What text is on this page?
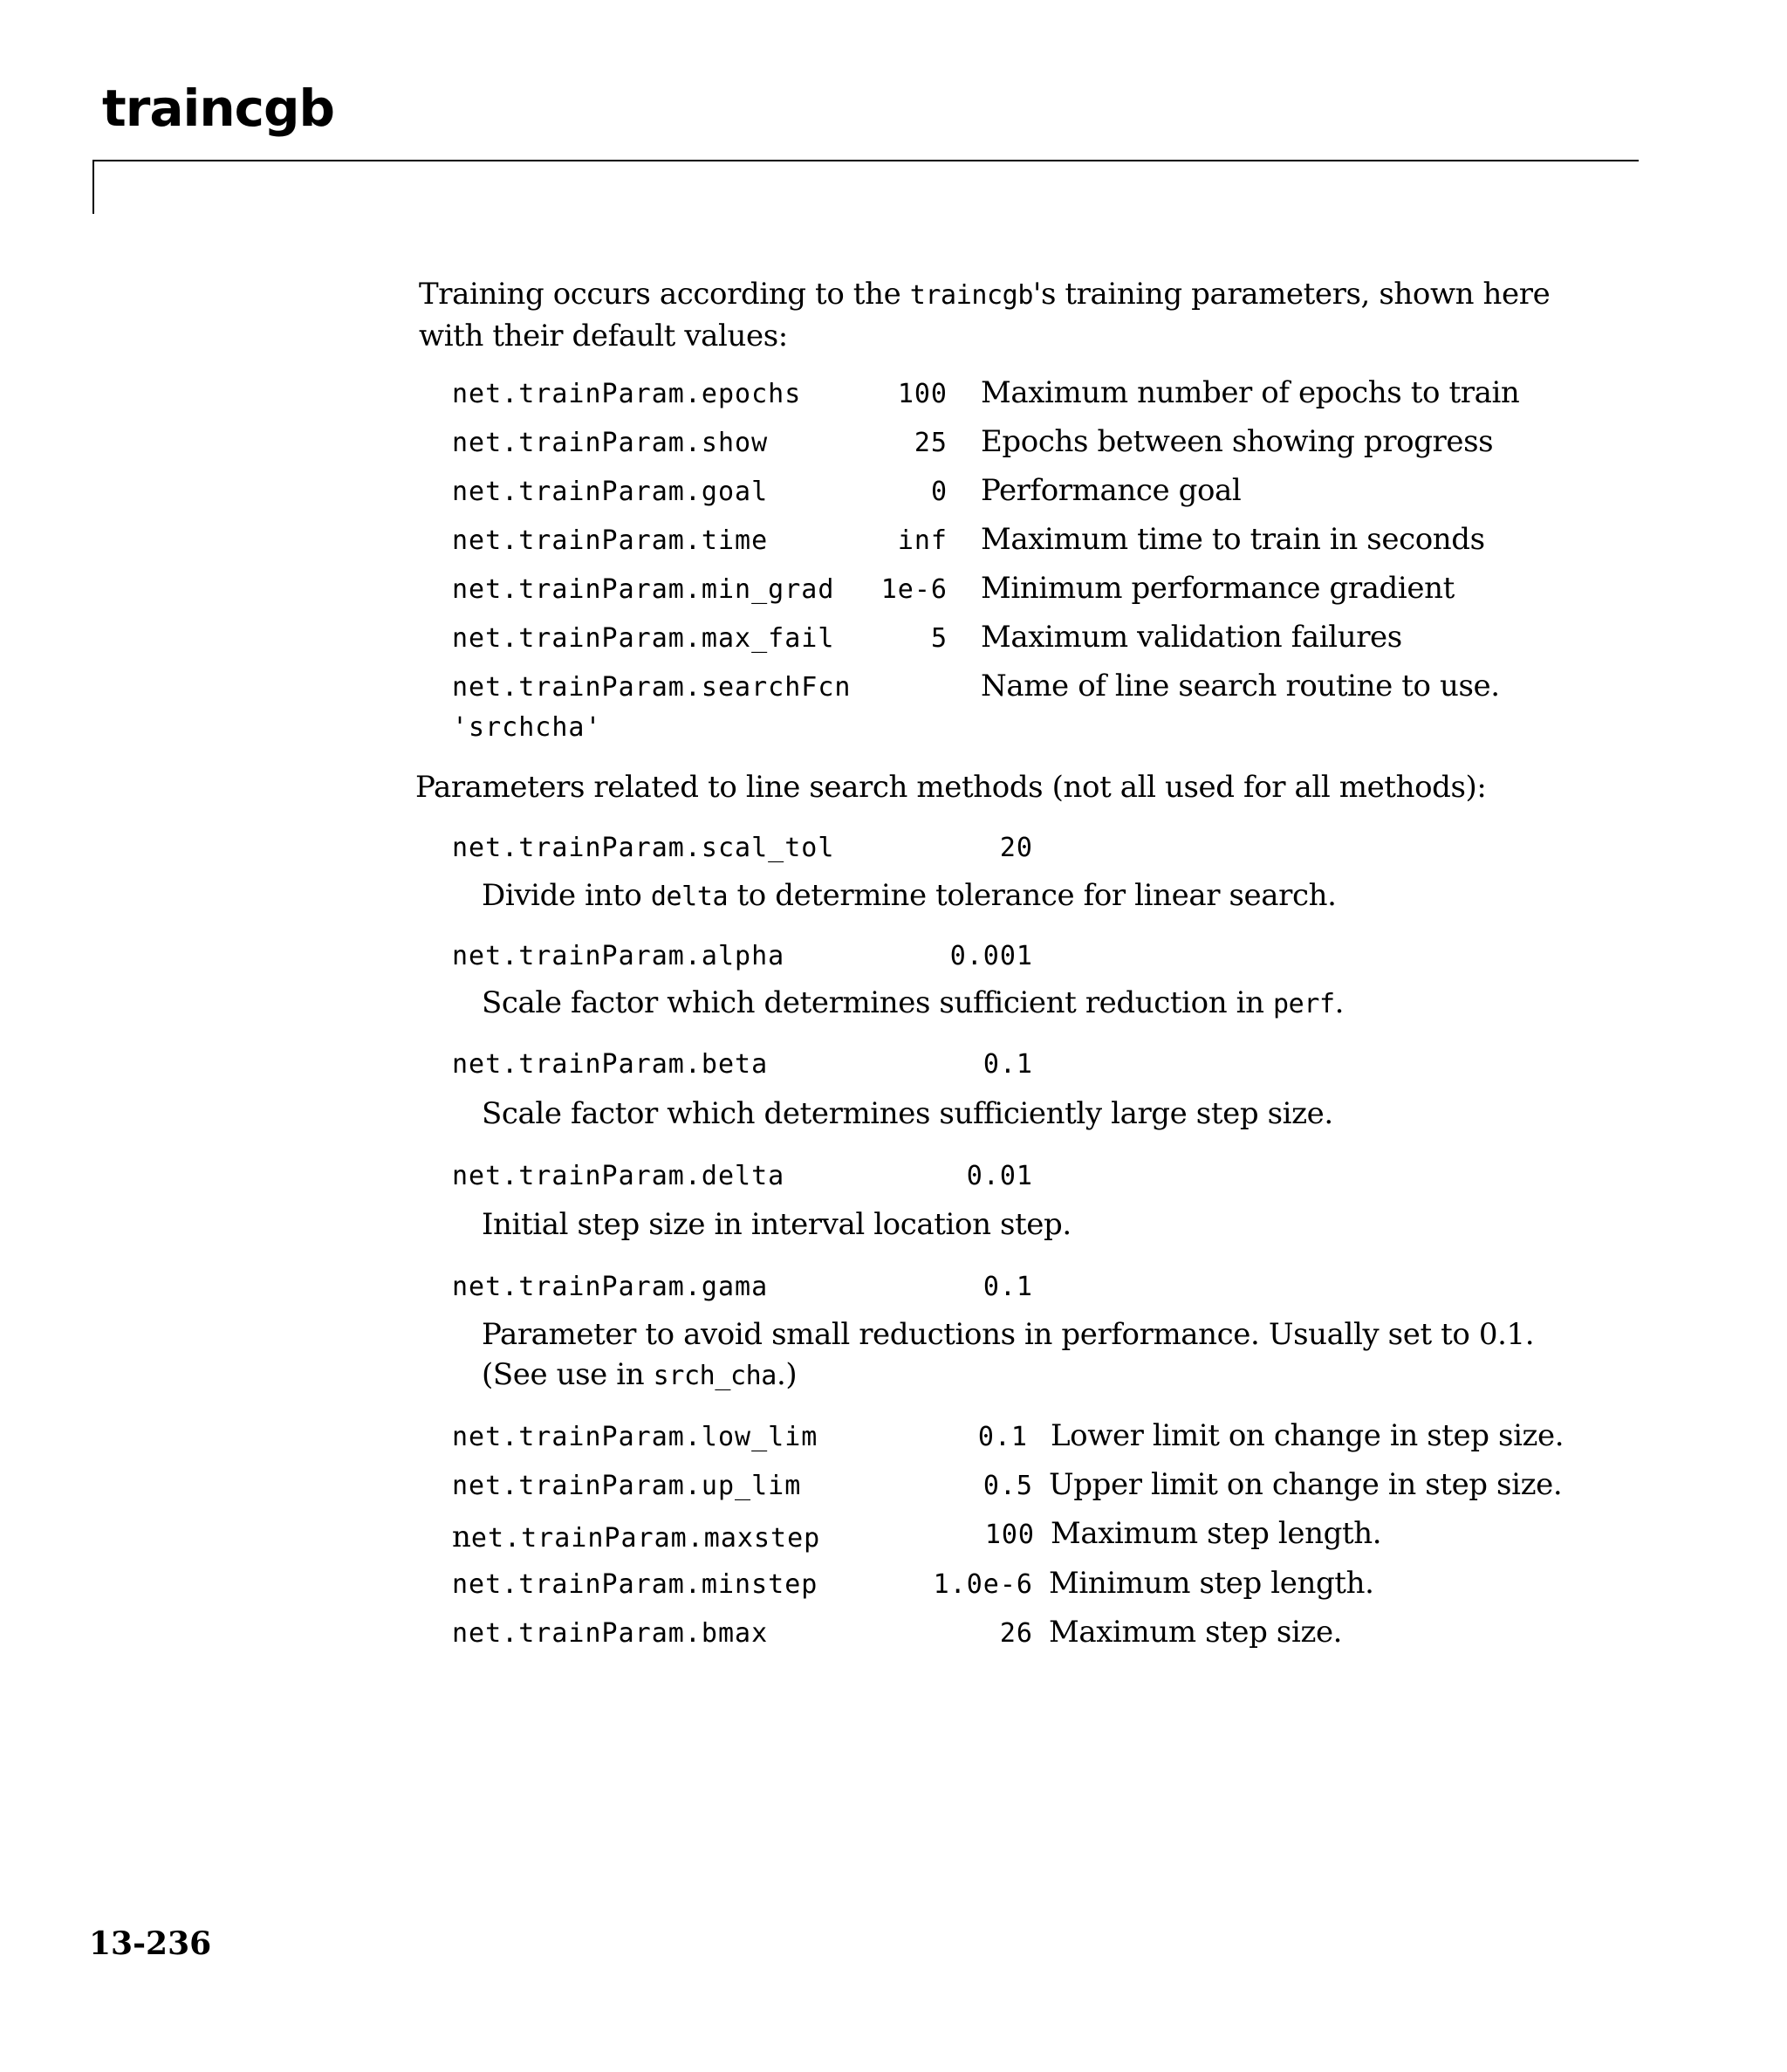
traincgb
Training occurs according to the traincgb's training parameters, shown here
with their default values:
net.trainParam.epochs	100 Maximum number of epochs to train
net.trainParam.show	25 Epochs between showing progress
net.trainParam.goal	0 Performance goal
net.trainParam.time	inf Maximum time to train in seconds
net.trainParam.min_grad	1e-6 Minimum performance gradient
net.trainParam.max_fail	5 Maximum validation failures
net.trainParam.searchFcn	Name of line search routine to use.
'srchcha'
Parameters related to line search methods (not all used for all methods):
net.trainParam.scal_tol	20
Divide into delta to determine tolerance for linear search.
net.trainParam.alpha	0.001
Scale factor which determines sufficient reduction in perf.
net.trainParam.beta	0.1
Scale factor which determines sufficiently large step size.
net.trainParam.delta	0.01
Initial step size in interval location step.
net.trainParam.gama	0.1
Parameter to avoid small reductions in performance. Usually set to 0.1.
(See use in srch_cha.)
net.trainParam.low_lim	0.1 Lower limit on change in step size.
net.trainParam.up_lim	0.5 Upper limit on change in step size.
net.trainParam.maxstep	100 Maximum step length.
net.trainParam.minstep	1.0e-6 Minimum step length.
net.trainParam.bmax	26 Maximum step size.
13-236
